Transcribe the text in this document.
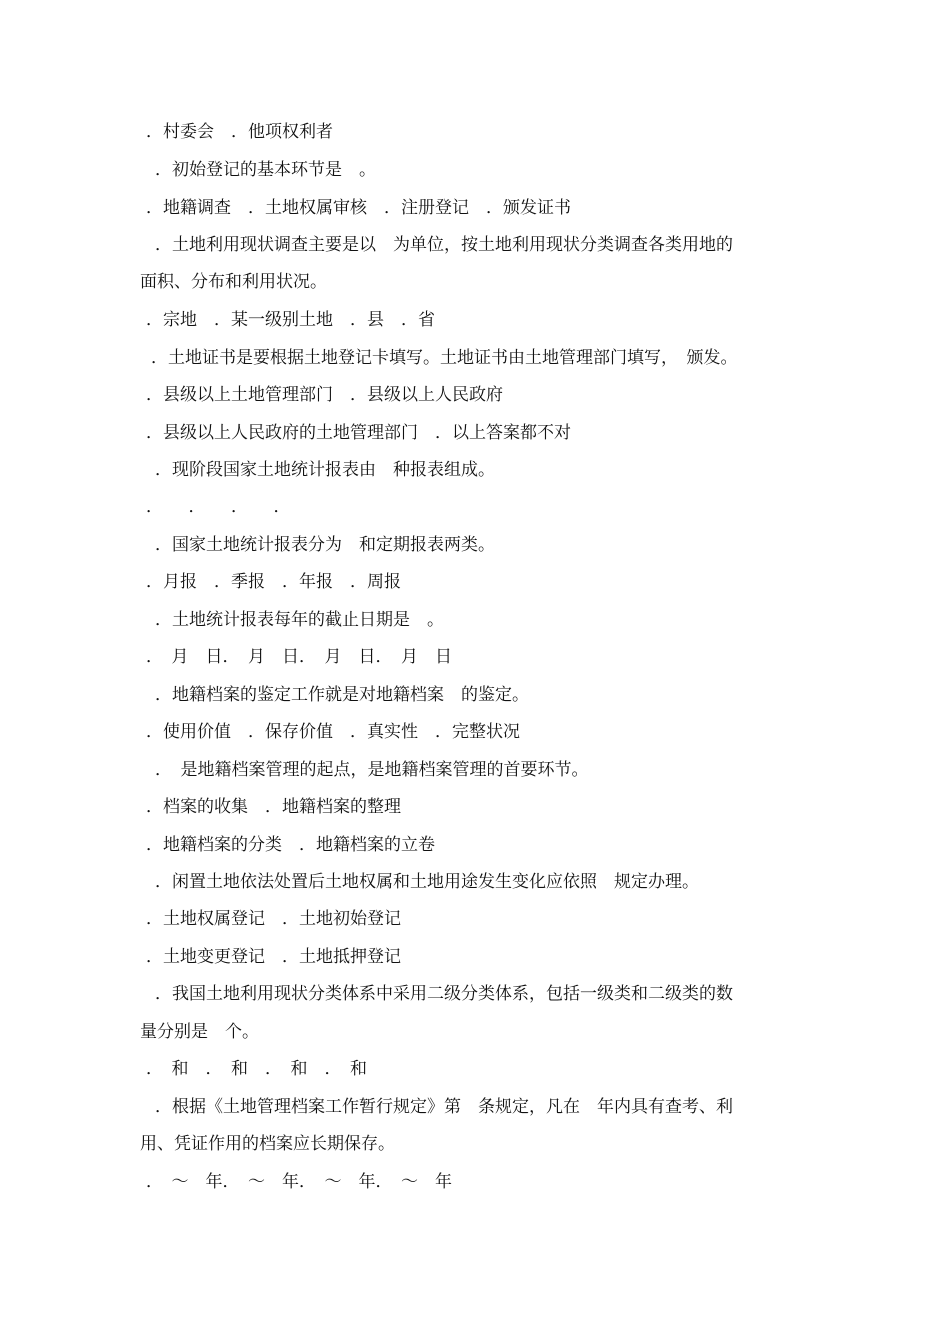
．村委会　．他项权利者
．初始登记的基本环节是　。
．地籍调查　．土地权属审核　．注册登记　．颁发证书
．土地利用现状调查主要是以　为单位，按土地利用现状分类调查各类用地的
面积、分布和利用状况。
．宗地　．某一级别土地　．县　．省
．土地证书是要根据土地登记卡填写。土地证书由土地管理部门填写，　颁发。
．县级以上土地管理部门　．县级以上人民政府
．县级以上人民政府的土地管理部门　．以上答案都不对
．现阶段国家土地统计报表由　种报表组成。
．　　．　　．　　．
．国家土地统计报表分为　和定期报表两类。
．月报　．季报　．年报　．周报
．土地统计报表每年的截止日期是　。
．　月　日．　月　日．　月　日．　月　日
．地籍档案的鉴定工作就是对地籍档案　的鉴定。
．使用价值　．保存价值　．真实性　．完整状况
．　是地籍档案管理的起点，是地籍档案管理的首要环节。
．档案的收集　．地籍档案的整理
．地籍档案的分类　．地籍档案的立卷
．闲置土地依法处置后土地权属和土地用途发生变化应依照　规定办理。
．土地权属登记　．土地初始登记
．土地变更登记　．土地抵押登记
．我国土地利用现状分类体系中采用二级分类体系，包括一级类和二级类的数
量分别是　个。
．　和　．　和　．　和　．　和
．根据《土地管理档案工作暂行规定》第　条规定，凡在　年内具有查考、利
用、凭证作用的档案应长期保存。
．　～　年．　～　年．　～　年．　～　年
